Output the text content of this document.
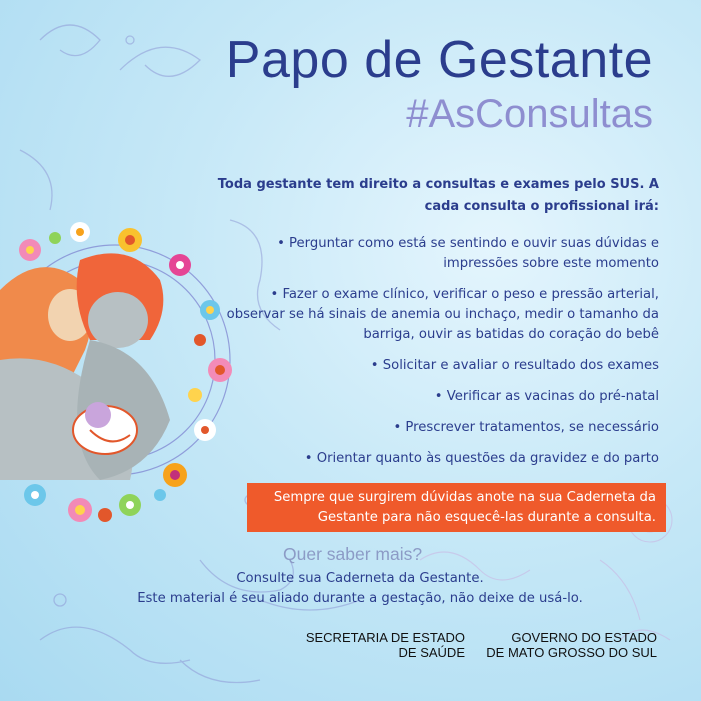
Papo de Gestante
#AsConsultas
Toda gestante tem direito a consultas e exames pelo SUS. A cada consulta o profissional irá:
• Perguntar como está se sentindo e ouvir suas dúvidas e impressões sobre este momento
• Fazer o exame clínico, verificar o peso e pressão arterial, observar se há sinais de anemia ou inchaço, medir o tamanho da barriga, ouvir as batidas do coração do bebê
• Solicitar e avaliar o resultado dos exames
• Verificar as vacinas do pré-natal
• Prescrever tratamentos, se necessário
• Orientar quanto às questões da gravidez e do parto
Sempre que surgirem dúvidas anote na sua Caderneta da Gestante para não esquecê-las durante a consulta.
Quer saber mais?
Consulte sua Caderneta da Gestante.
Este material é seu aliado durante a gestação, não deixe de usá-lo.
SECRETARIA DE ESTADO
DE SAÚDE
GOVERNO DO ESTADO
DE MATO GROSSO DO SUL
